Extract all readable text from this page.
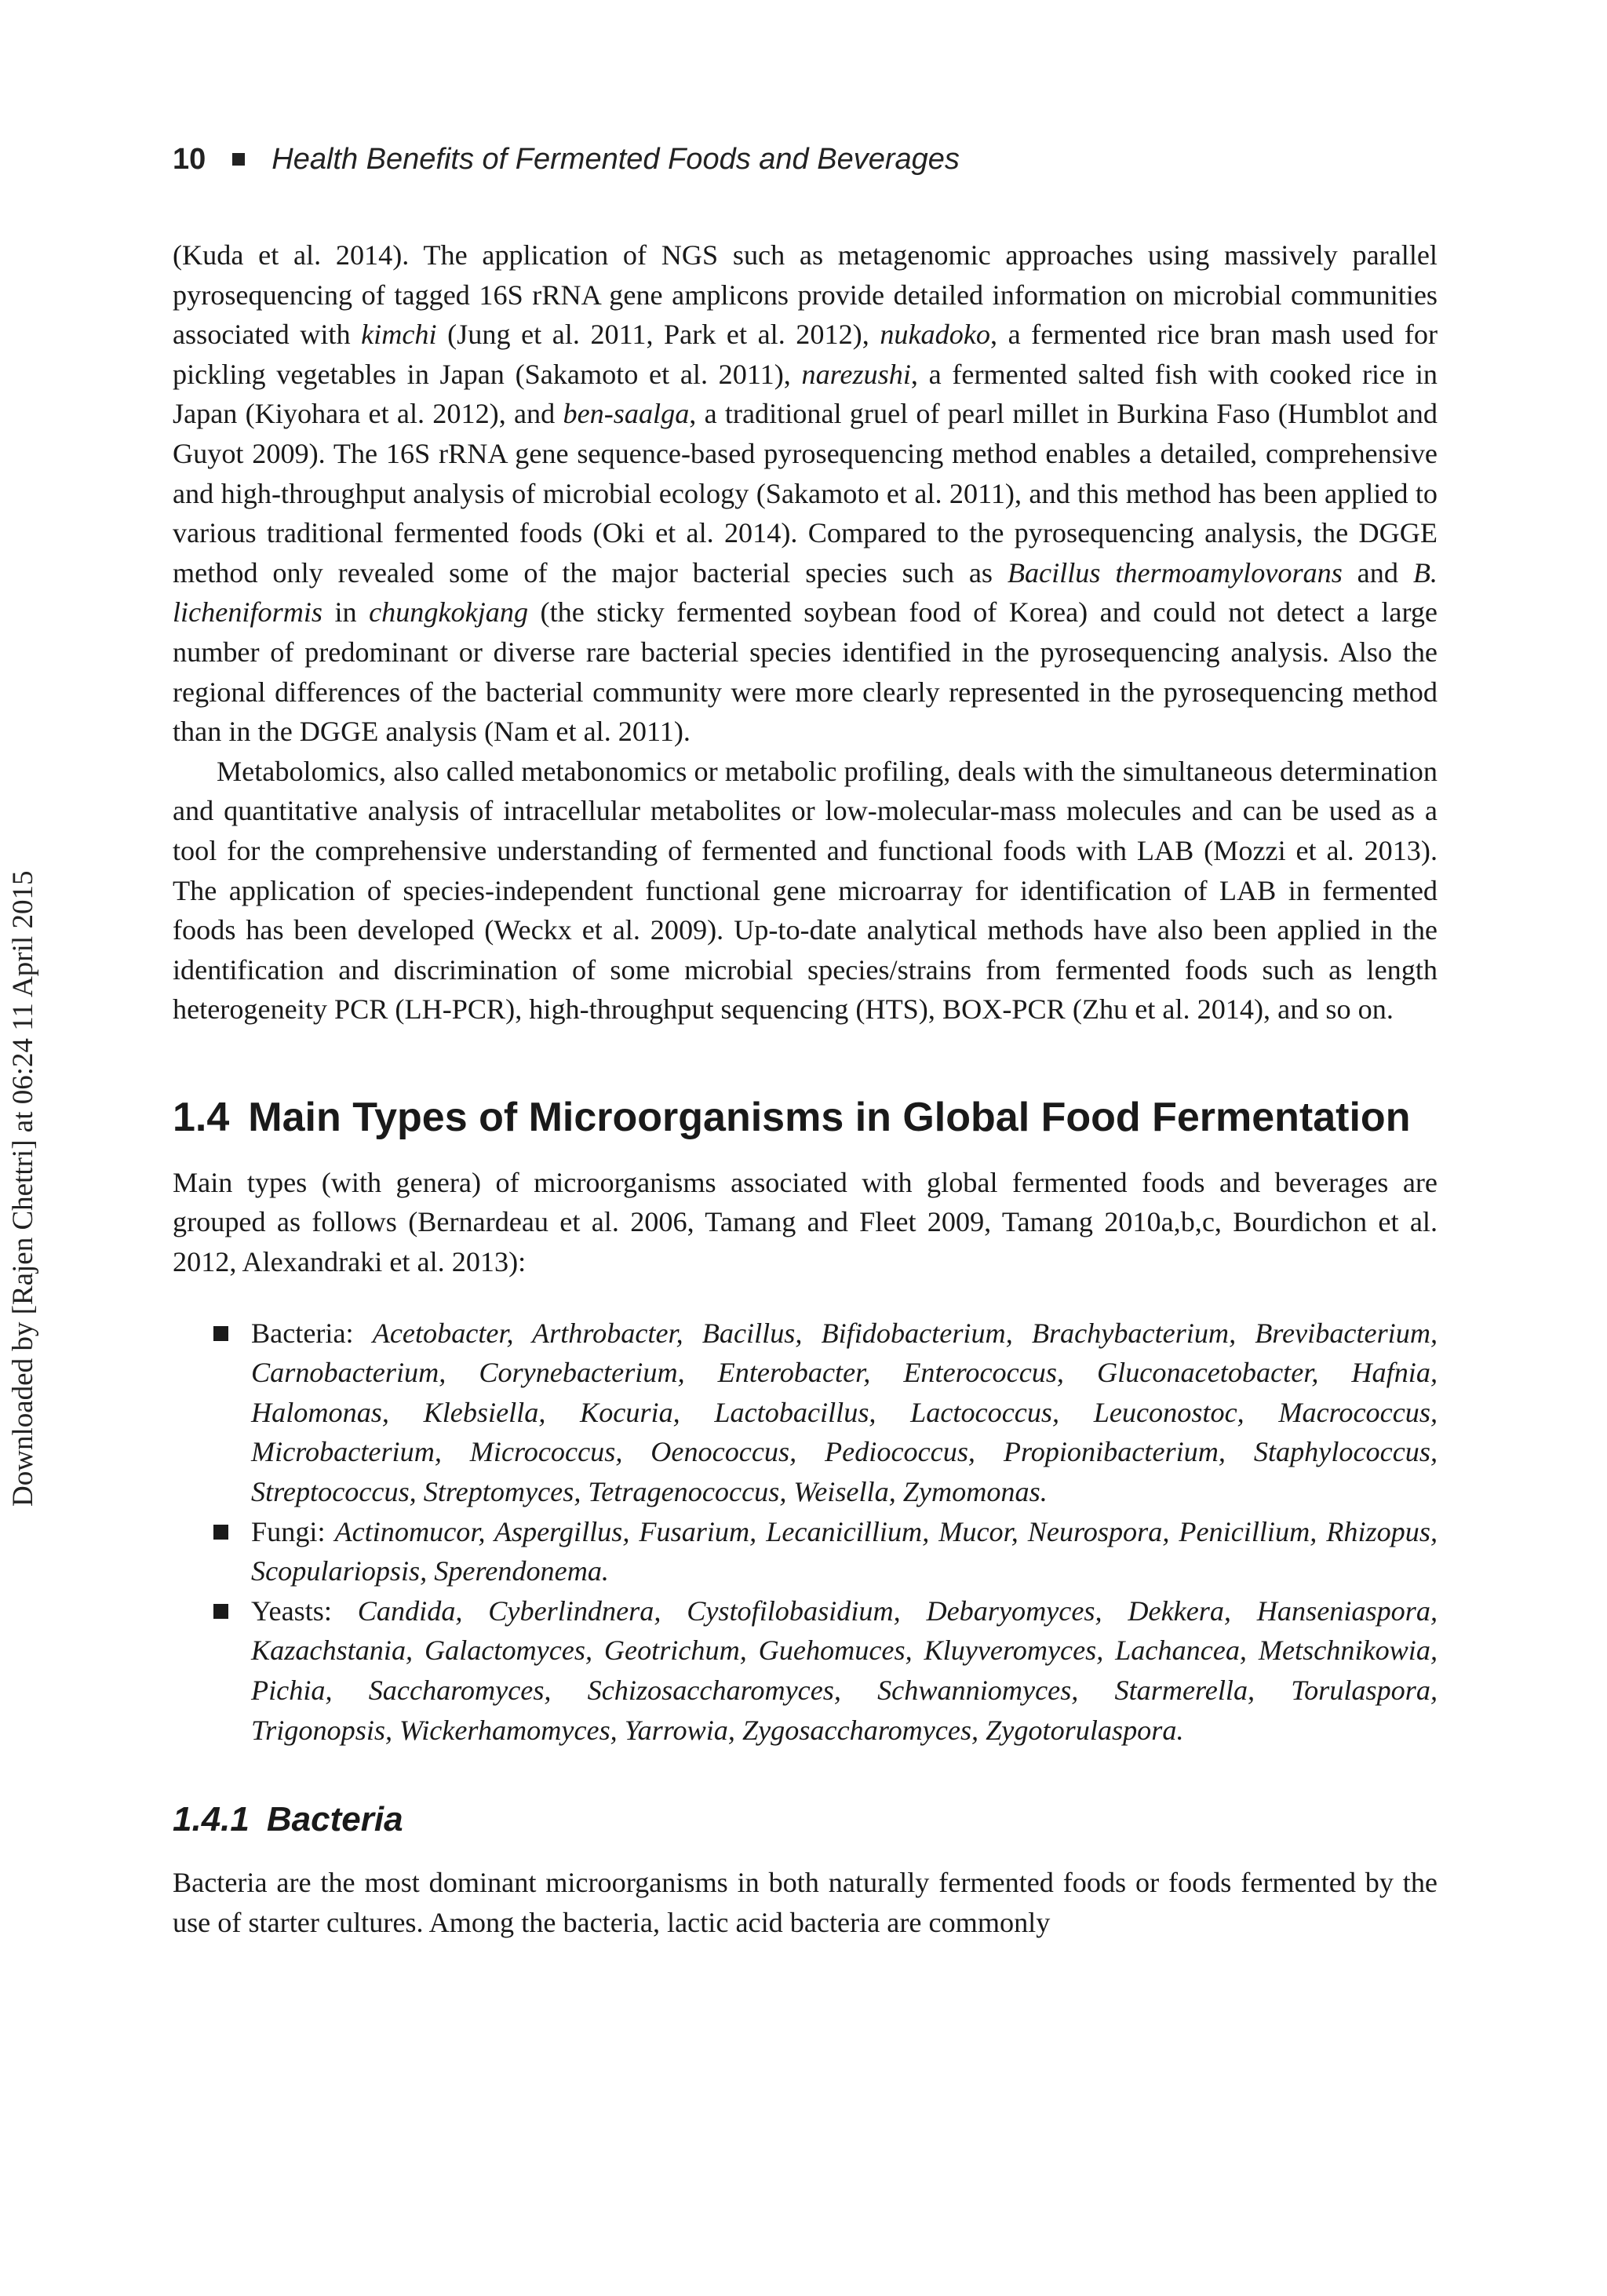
10 Health Benefits of Fermented Foods and Beverages
Downloaded by [Rajen Chettri] at 06:24 11 April 2015

(Kuda et al. 2014). The application of NGS such as metagenomic approaches using massively parallel pyrosequencing of tagged 16S rRNA gene amplicons provide detailed information on microbial communities associated with kimchi (Jung et al. 2011, Park et al. 2012), nukadoko, a fermented rice bran mash used for pickling vegetables in Japan (Sakamoto et al. 2011), narezushi, a fermented salted fish with cooked rice in Japan (Kiyohara et al. 2012), and ben-saalga, a traditional gruel of pearl millet in Burkina Faso (Humblot and Guyot 2009). The 16S rRNA gene sequence-based pyrosequencing method enables a detailed, comprehensive and high-throughput analysis of microbial ecology (Sakamoto et al. 2011), and this method has been applied to various traditional fermented foods (Oki et al. 2014). Compared to the pyrosequencing analysis, the DGGE method only revealed some of the major bacterial species such as Bacillus thermoamylovorans and B. licheniformis in chungkokjang (the sticky fermented soybean food of Korea) and could not detect a large number of predominant or diverse rare bacterial species identified in the pyrosequencing analysis. Also the regional differences of the bacterial community were more clearly represented in the pyrosequencing method than in the DGGE analysis (Nam et al. 2011).

Metabolomics, also called metabonomics or metabolic profiling, deals with the simultaneous determination and quantitative analysis of intracellular metabolites or low-molecular-mass molecules and can be used as a tool for the comprehensive understanding of fermented and functional foods with LAB (Mozzi et al. 2013). The application of species-independent functional gene microarray for identification of LAB in fermented foods has been developed (Weckx et al. 2009). Up-to-date analytical methods have also been applied in the identification and discrimination of some microbial species/strains from fermented foods such as length heterogeneity PCR (LH-PCR), high-throughput sequencing (HTS), BOX-PCR (Zhu et al. 2014), and so on.

1.4 Main Types of Microorganisms in Global Food Fermentation

Main types (with genera) of microorganisms associated with global fermented foods and beverages are grouped as follows (Bernardeau et al. 2006, Tamang and Fleet 2009, Tamang 2010a,b,c, Bourdichon et al. 2012, Alexandraki et al. 2013):

Bacteria: Acetobacter, Arthrobacter, Bacillus, Bifidobacterium, Brachybacterium, Brevibacterium, Carnobacterium, Corynebacterium, Enterobacter, Enterococcus, Gluconacetobacter, Hafnia, Halomonas, Klebsiella, Kocuria, Lactobacillus, Lactococcus, Leuconostoc, Macrococcus, Microbacterium, Micrococcus, Oenococcus, Pediococcus, Propionibacterium, Staphylococcus, Streptococcus, Streptomyces, Tetragenococcus, Weisella, Zymomonas.
Fungi: Actinomucor, Aspergillus, Fusarium, Lecanicillium, Mucor, Neurospora, Penicillium, Rhizopus, Scopulariopsis, Sperendonema.
Yeasts: Candida, Cyberlindnera, Cystofilobasidium, Debaryomyces, Dekkera, Hanseniaspora, Kazachstania, Galactomyces, Geotrichum, Guehomuces, Kluyveromyces, Lachancea, Metschnikowia, Pichia, Saccharomyces, Schizosaccharomyces, Schwanniomyces, Starmerella, Torulaspora, Trigonopsis, Wickerhamomyces, Yarrowia, Zygosaccharomyces, Zygotorulaspora.
1.4.1 Bacteria

Bacteria are the most dominant microorganisms in both naturally fermented foods or foods fermented by the use of starter cultures. Among the bacteria, lactic acid bacteria are commonly
